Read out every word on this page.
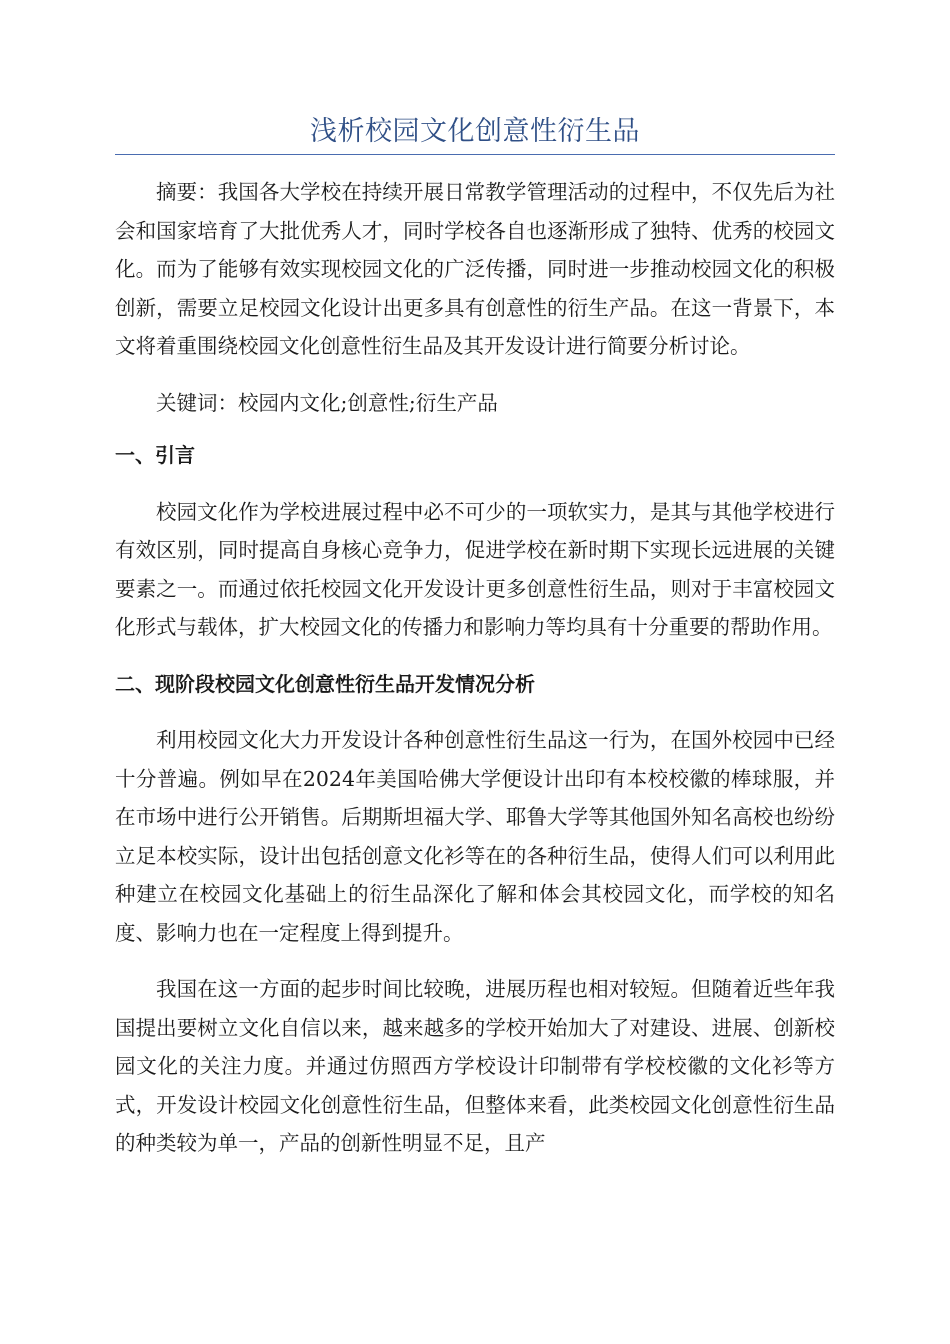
浅析校园文化创意性衍生品

摘要：我国各大学校在持续开展日常教学管理活动的过程中，不仅先后为社会和国家培育了大批优秀人才，同时学校各自也逐渐形成了独特、优秀的校园文化。而为了能够有效实现校园文化的广泛传播，同时进一步推动校园文化的积极创新，需要立足校园文化设计出更多具有创意性的衍生产品。在这一背景下，本文将着重围绕校园文化创意性衍生品及其开发设计进行简要分析讨论。

关键词：校园内文化;创意性;衍生产品

一、引言

校园文化作为学校进展过程中必不可少的一项软实力，是其与其他学校进行有效区别，同时提高自身核心竞争力，促进学校在新时期下实现长远进展的关键要素之一。而通过依托校园文化开发设计更多创意性衍生品，则对于丰富校园文化形式与载体，扩大校园文化的传播力和影响力等均具有十分重要的帮助作用。

二、现阶段校园文化创意性衍生品开发情况分析

利用校园文化大力开发设计各种创意性衍生品这一行为，在国外校园中已经十分普遍。例如早在2024年美国哈佛大学便设计出印有本校校徽的棒球服，并在市场中进行公开销售。后期斯坦福大学、耶鲁大学等其他国外知名高校也纷纷立足本校实际，设计出包括创意文化衫等在的各种衍生品，使得人们可以利用此种建立在校园文化基础上的衍生品深化了解和体会其校园文化，而学校的知名度、影响力也在一定程度上得到提升。

我国在这一方面的起步时间比较晚，进展历程也相对较短。但随着近些年我国提出要树立文化自信以来，越来越多的学校开始加大了对建设、进展、创新校园文化的关注力度。并通过仿照西方学校设计印制带有学校校徽的文化衫等方式，开发设计校园文化创意性衍生品，但整体来看，此类校园文化创意性衍生品的种类较为单一，产品的创新性明显不足，且产
